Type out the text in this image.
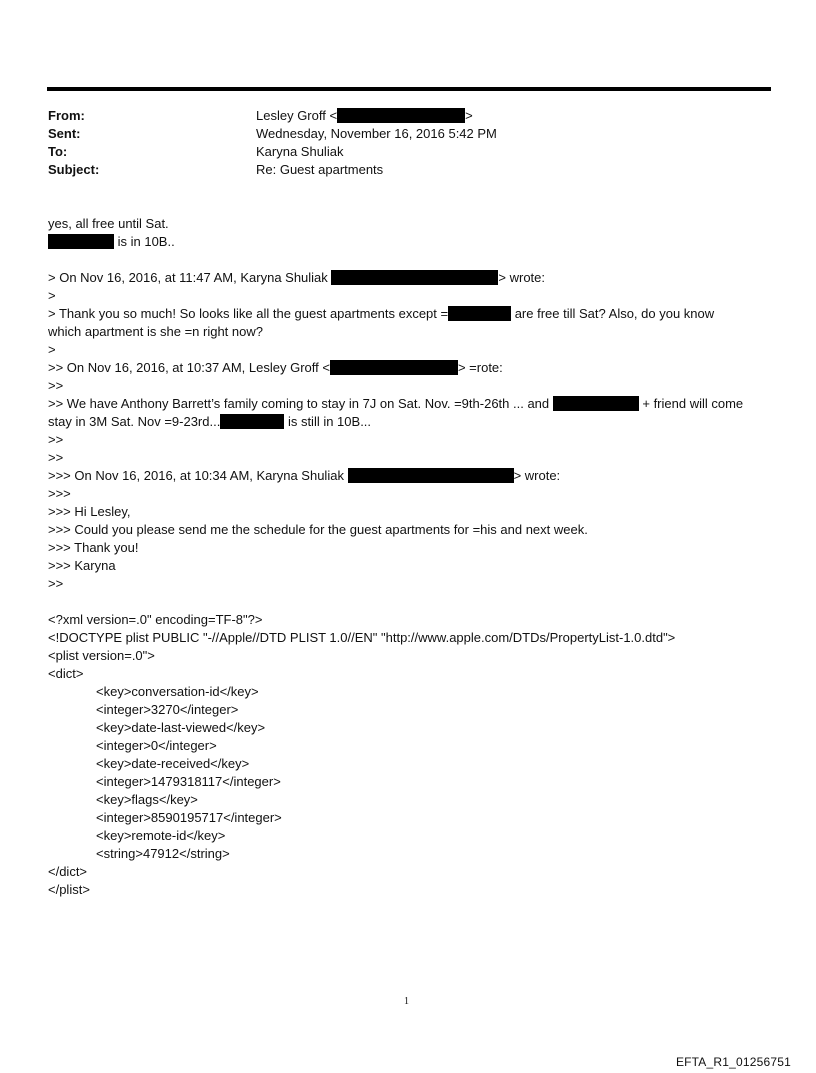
From:	Lesley Groff <	>
Sent:	Wednesday, November 16, 2016 5:42 PM
To:	Karyna Shuliak
Subject:	Re: Guest apartments
yes, all free until Sat.
is in 10B..
> On Nov 16, 2016, at 11:47 AM, Karyna Shuliak	> wrote:
>
> Thank you so much! So looks like all the guest apartments except =	are free till Sat? Also, do you know
which apartment is she =n right now?
>
>> On Nov 16, 2016, at 10:37 AM, Lesley Groff <	> =rote:
>>
>> We have Anthony Barrett’s family coming to stay in 7J on Sat. Nov. =9th-26th ... and	+ friend will come
stay in 3M Sat. Nov =9-23rd...	is still in 10B...
>>
>>
>>> On Nov 16, 2016, at 10:34 AM, Karyna Shuliak	> wrote:
>>>
>>> Hi Lesley,
>>> Could you please send me the schedule for the guest apartments for =his and next week.
>>> Thank you!
>>> Karyna
>>
<?xml version=.0" encoding=TF-8"?>
<!DOCTYPE plist PUBLIC "-//Apple//DTD PLIST 1.0//EN" "http://www.apple.com/DTDs/PropertyList-1.0.dtd">
<plist version=.0">
<dict>
<key>conversation-id</key>
<integer>3270</integer>
<key>date-last-viewed</key>
<integer>0</integer>
<key>date-received</key>
<integer>1479318117</integer>
<key>flags</key>
<integer>8590195717</integer>
<key>remote-id</key>
<string>47912</string>
</dict>
</plist>
1
EFTA_R1_01256751
